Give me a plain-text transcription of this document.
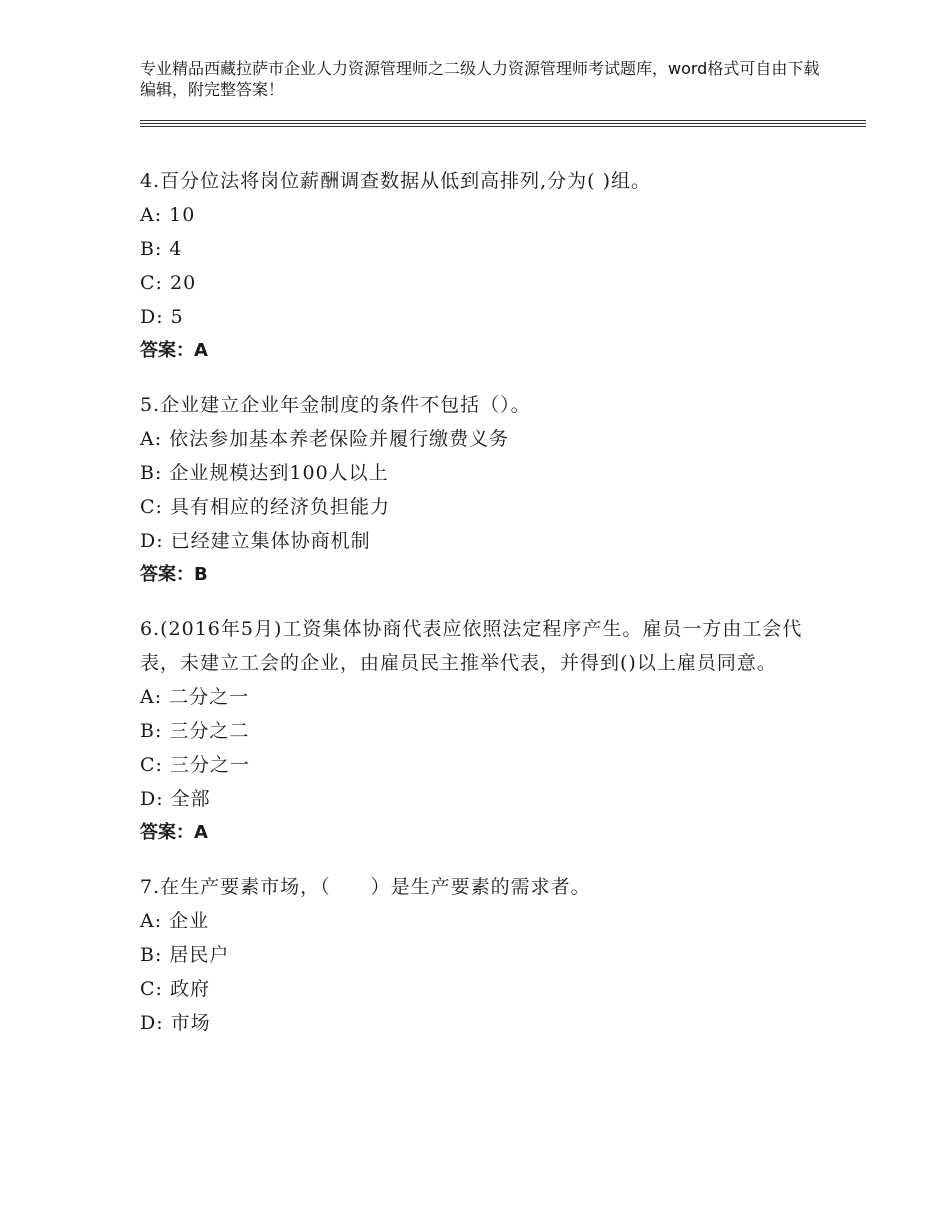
专业精品西藏拉萨市企业人力资源管理师之二级人力资源管理师考试题库，word格式可自由下载编辑，附完整答案！

4.百分位法将岗位薪酬调查数据从低到高排列,分为( )组。

A: 10

B: 4

C: 20

D: 5

答案：A

5.企业建立企业年金制度的条件不包括（）。

A: 依法参加基本养老保险并履行缴费义务

B: 企业规模达到100人以上

C: 具有相应的经济负担能力

D: 已经建立集体协商机制

答案：B

6.(2016年5月)工资集体协商代表应依照法定程序产生。雇员一方由工会代表，未建立工会的企业，由雇员民主推举代表，并得到()以上雇员同意。

A: 二分之一

B: 三分之二

C: 三分之一

D: 全部

答案：A

7.在生产要素市场，（　　）是生产要素的需求者。

A: 企业

B: 居民户

C: 政府

D: 市场
